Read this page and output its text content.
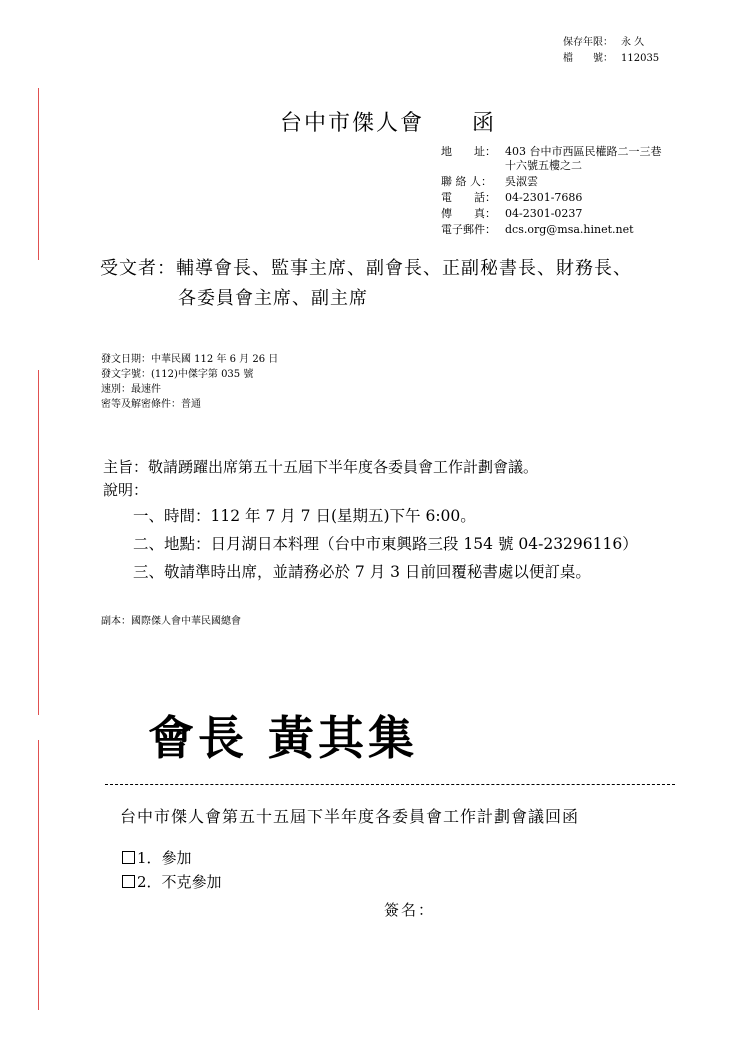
保存年限： 永 久
檔　　號： 112035
台中市傑人會 函
地　　址： 403 台中市西區民權路二一三巷
十六號五樓之二
聯 絡 人： 吳淑雲
電　　話： 04-2301-7686
傳　　真： 04-2301-0237
電子郵件： dcs.org@msa.hinet.net
受文者：輔導會長、監事主席、副會長、正副秘書長、財務長、
各委員會主席、副主席
發文日期：中華民國 112 年 6 月 26 日
發文字號：(112)中傑字第 035 號
速別：最速件
密等及解密條件：普通
主旨：敬請踴躍出席第五十五屆下半年度各委員會工作計劃會議。
說明：
一、時間：112 年 7 月 7 日(星期五)下午 6:00。
二、地點：日月湖日本料理（台中市東興路三段 154 號 04-23296116）
三、敬請準時出席，並請務必於 7 月 3 日前回覆秘書處以便訂桌。
副本：國際傑人會中華民國總會
會長 黃其集
台中市傑人會第五十五屆下半年度各委員會工作計劃會議回函
1．參加
2．不克參加
簽名：
